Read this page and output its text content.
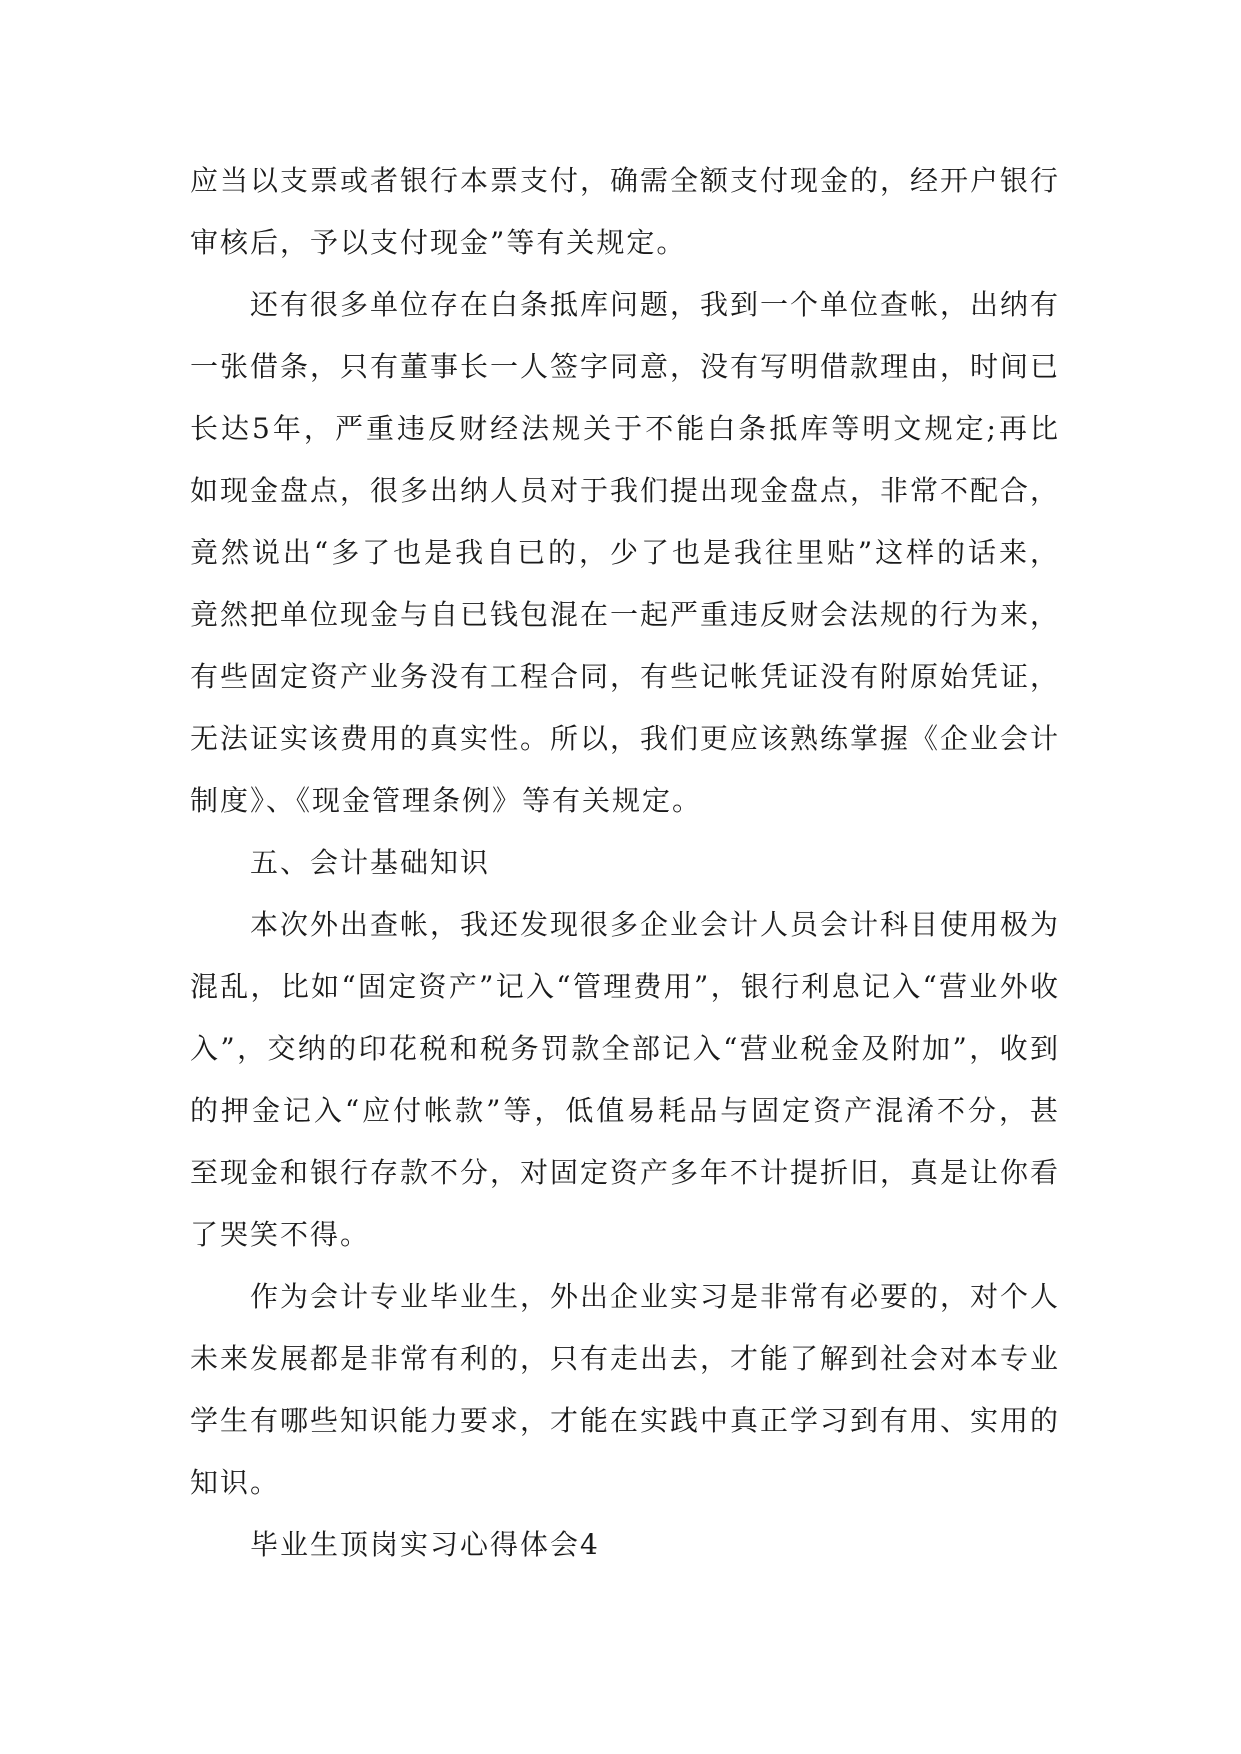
应当以支票或者银行本票支付，确需全额支付现金的，经开户银行审核后，予以支付现金”等有关规定。

还有很多单位存在白条抵库问题，我到一个单位查帐，出纳有一张借条，只有董事长一人签字同意，没有写明借款理由，时间已长达5年，严重违反财经法规关于不能白条抵库等明文规定;再比如现金盘点，很多出纳人员对于我们提出现金盘点，非常不配合，竟然说出“多了也是我自已的，少了也是我往里贴”这样的话来，竟然把单位现金与自已钱包混在一起严重违反财会法规的行为来，有些固定资产业务没有工程合同，有些记帐凭证没有附原始凭证，无法证实该费用的真实性。所以，我们更应该熟练掌握《企业会计制度》、《现金管理条例》等有关规定。

五、会计基础知识

本次外出查帐，我还发现很多企业会计人员会计科目使用极为混乱，比如“固定资产”记入“管理费用”，银行利息记入“营业外收入”，交纳的印花税和税务罚款全部记入“营业税金及附加”，收到的押金记入“应付帐款”等，低值易耗品与固定资产混淆不分，甚至现金和银行存款不分，对固定资产多年不计提折旧，真是让你看了哭笑不得。

作为会计专业毕业生，外出企业实习是非常有必要的，对个人未来发展都是非常有利的，只有走出去，才能了解到社会对本专业学生有哪些知识能力要求，才能在实践中真正学习到有用、实用的知识。

毕业生顶岗实习心得体会4
